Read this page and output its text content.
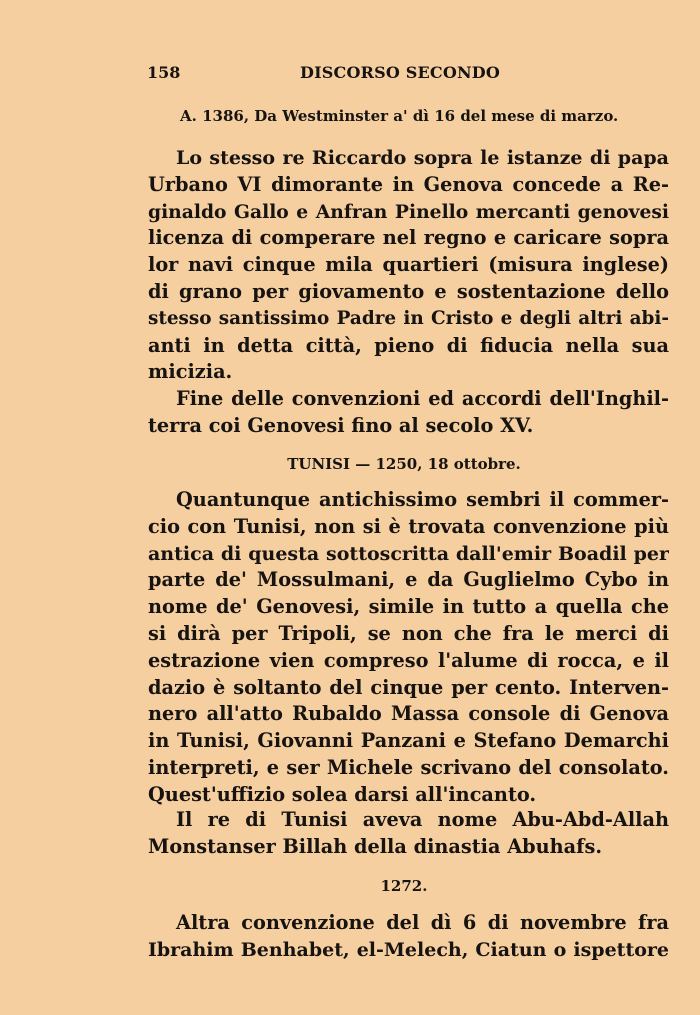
158	DISCORSO SECONDO
A. 1386, Da Westminster a' dì 16 del mese di marzo.
Lo stesso re Riccardo sopra le istanze di papa
Urbano VI dimorante in Genova concede a Re-
ginaldo Gallo e Anfran Pinello mercanti genovesi
licenza di comperare nel regno e caricare sopra
lor navi cinque mila quartieri (misura inglese)
di grano per giovamento e sostentazione dello
stesso santissimo Padre in Cristo e degli altri abi-
anti in detta città, pieno di fiducia nella sua
micizia.
Fine delle convenzioni ed accordi dell'Inghil-
terra coi Genovesi fino al secolo XV.
TUNISI — 1250, 18 ottobre.
Quantunque antichissimo sembri il commer-
cio con Tunisi, non si è trovata convenzione più
antica di questa sottoscritta dall'emir Boadil per
parte de' Mossulmani, e da Guglielmo Cybo in
nome de' Genovesi, simile in tutto a quella che
si dirà per Tripoli, se non che fra le merci di
estrazione vien compreso l'alume di rocca, e il
dazio è soltanto del cinque per cento. Interven-
nero all'atto Rubaldo Massa console di Genova
in Tunisi, Giovanni Panzani e Stefano Demarchi
interpreti, e ser Michele scrivano del consolato.
Quest'uffizio solea darsi all'incanto.
Il re di Tunisi aveva nome Abu-Abd-Allah
Monstanser Billah della dinastia Abuhafs.
1272.
Altra convenzione del dì 6 di novembre fra
Ibrahim Benhabet, el-Melech, Ciatun o ispettore
